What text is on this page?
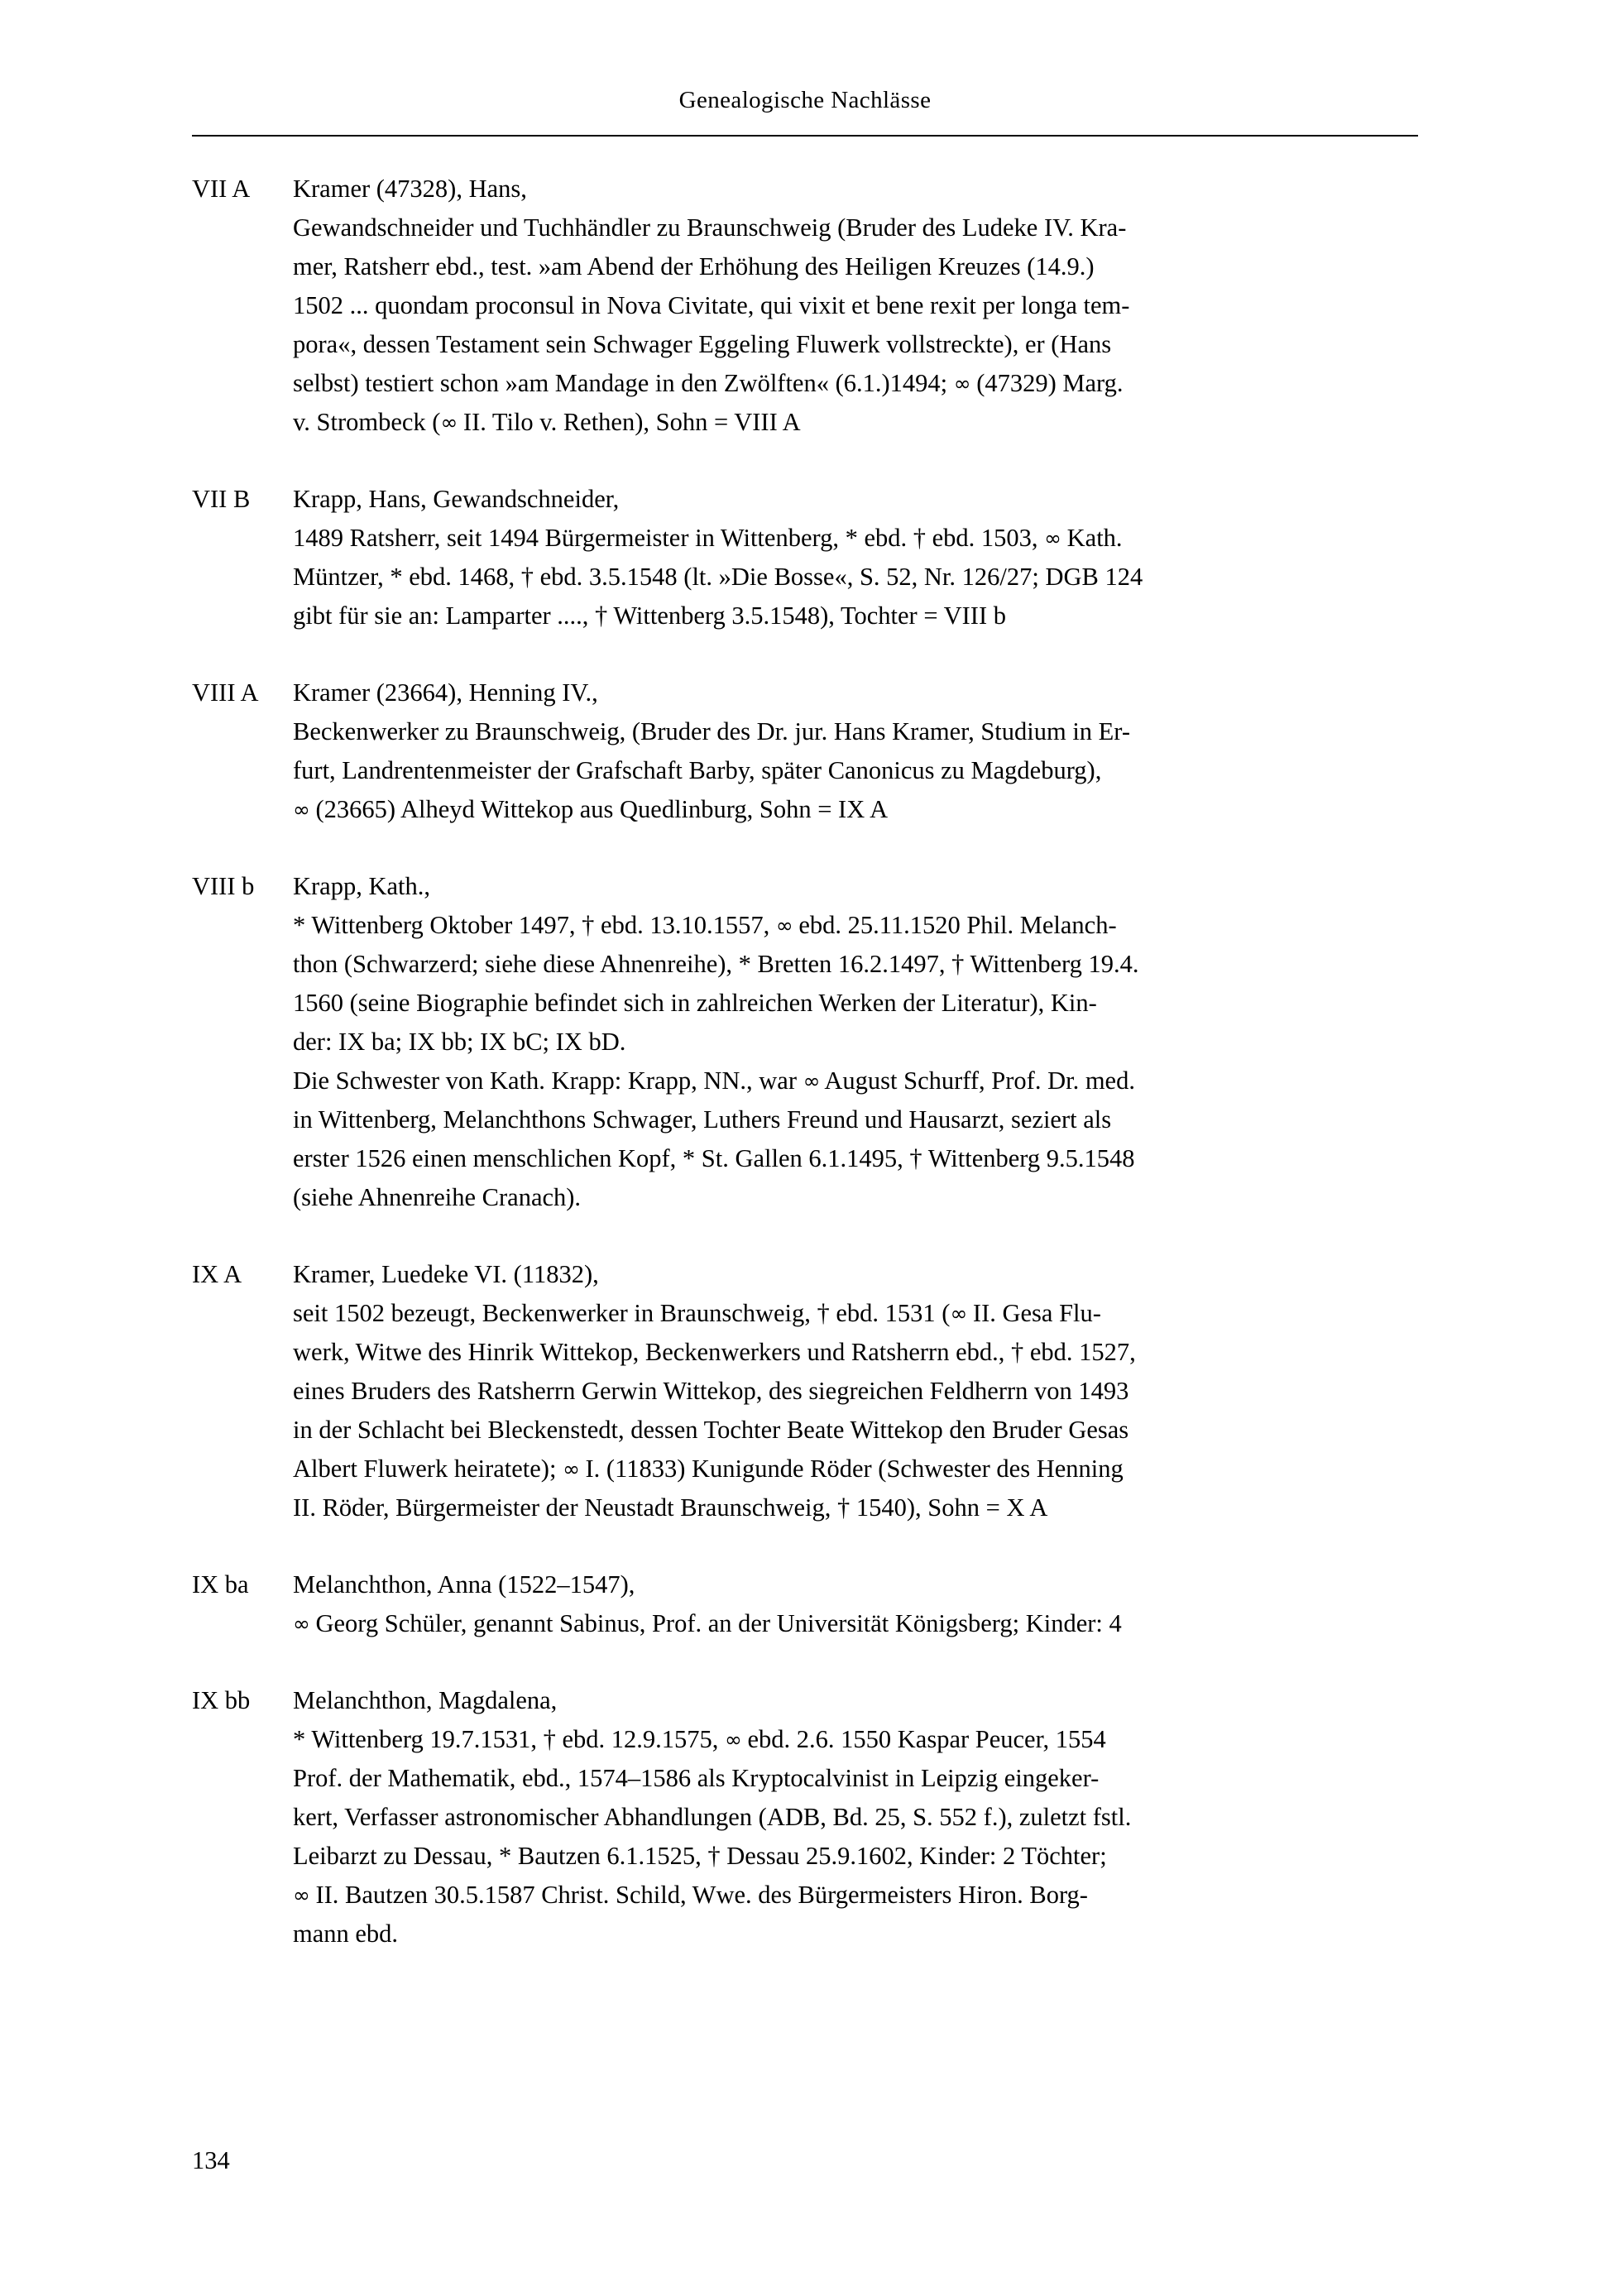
Genealogische Nachlässe
VII A	Kramer (47328), Hans,
Gewandschneider und Tuchhändler zu Braunschweig (Bruder des Ludeke IV. Kra-
mer, Ratsherr ebd., test. »am Abend der Erhöhung des Heiligen Kreuzes (14.9.)
1502 ... quondam proconsul in Nova Civitate, qui vixit et bene rexit per longa tem-
pora«, dessen Testament sein Schwager Eggeling Fluwerk vollstreckte), er (Hans
selbst) testiert schon »am Mandage in den Zwölften« (6.1.)1494; ∞ (47329) Marg.
v. Strombeck (∞ II. Tilo v. Rethen), Sohn = VIII A
VII B	Krapp, Hans, Gewandschneider,
1489 Ratsherr, seit 1494 Bürgermeister in Wittenberg, * ebd. † ebd. 1503, ∞ Kath.
Müntzer, * ebd. 1468, † ebd. 3.5.1548 (lt. »Die Bosse«, S. 52, Nr. 126/27; DGB 124
gibt für sie an: Lamparter ...., † Wittenberg 3.5.1548), Tochter = VIII b
VIII A	Kramer (23664), Henning IV.,
Beckenwerker zu Braunschweig, (Bruder des Dr. jur. Hans Kramer, Studium in Er-
furt, Landrentenmeister der Grafschaft Barby, später Canonicus zu Magdeburg),
∞ (23665) Alheyd Wittekop aus Quedlinburg, Sohn = IX A
VIII b	Krapp, Kath.,
* Wittenberg Oktober 1497, † ebd. 13.10.1557, ∞ ebd. 25.11.1520 Phil. Melanch-
thon (Schwarzerd; siehe diese Ahnenreihe), * Bretten 16.2.1497, † Wittenberg 19.4.
1560 (seine Biographie befindet sich in zahlreichen Werken der Literatur), Kin-
der: IX ba; IX bb; IX bC; IX bD.
Die Schwester von Kath. Krapp: Krapp, NN., war ∞ August Schurff, Prof. Dr. med.
in Wittenberg, Melanchthons Schwager, Luthers Freund und Hausarzt, seziert als
erster 1526 einen menschlichen Kopf, * St. Gallen 6.1.1495, † Wittenberg 9.5.1548
(siehe Ahnenreihe Cranach).
IX A	Kramer, Luedeke VI. (11832),
seit 1502 bezeugt, Beckenwerker in Braunschweig, † ebd. 1531 (∞ II. Gesa Flu-
werk, Witwe des Hinrik Wittekop, Beckenwerkers und Ratsherrn ebd., † ebd. 1527,
eines Bruders des Ratsherrn Gerwin Wittekop, des siegreichen Feldherrn von 1493
in der Schlacht bei Bleckenstedt, dessen Tochter Beate Wittekop den Bruder Gesas
Albert Fluwerk heiratete); ∞ I. (11833) Kunigunde Röder (Schwester des Henning
II. Röder, Bürgermeister der Neustadt Braunschweig, † 1540), Sohn = X A
IX ba	Melanchthon, Anna (1522–1547),
∞ Georg Schüler, genannt Sabinus, Prof. an der Universität Königsberg; Kinder: 4
IX bb	Melanchthon, Magdalena,
* Wittenberg 19.7.1531, † ebd. 12.9.1575, ∞ ebd. 2.6. 1550 Kaspar Peucer, 1554
Prof. der Mathematik, ebd., 1574–1586 als Kryptocalvinist in Leipzig eingeker-
kert, Verfasser astronomischer Abhandlungen (ADB, Bd. 25, S. 552 f.), zuletzt fstl.
Leibarzt zu Dessau, * Bautzen 6.1.1525, † Dessau 25.9.1602, Kinder: 2 Töchter;
∞ II. Bautzen 30.5.1587 Christ. Schild, Wwe. des Bürgermeisters Hiron. Borg-
mann ebd.
134
